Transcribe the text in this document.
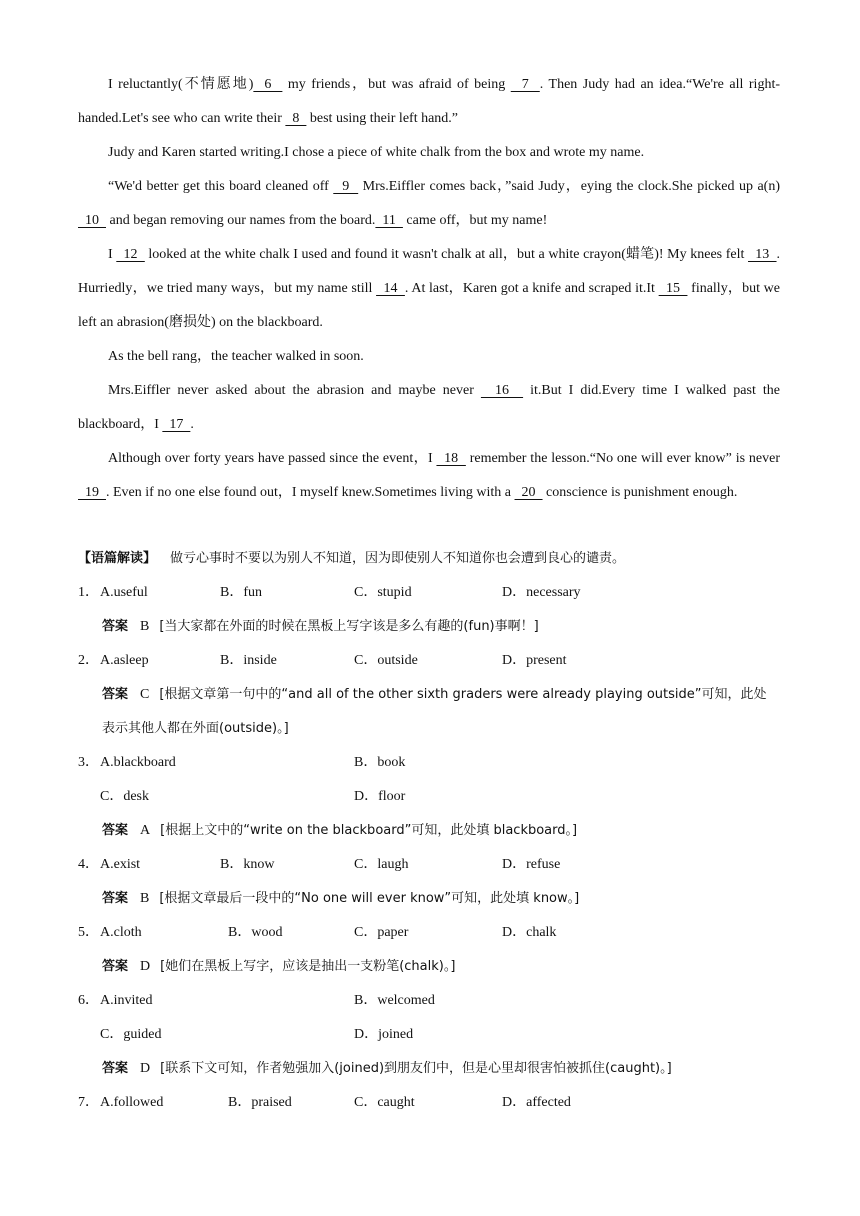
I reluctantly(不情愿地)  6   my friends，but was afraid of being   7  . Then Judy had an idea.“We're all right-handed.Let's see who can write their   8   best using their left hand.”

Judy and Karen started writing.I chose a piece of white chalk from the box and wrote my name.

“We'd better get this board cleaned off   9   Mrs.Eiffler comes back，”said Judy，eying the clock.She picked up a(n)   10   and began removing our names from the board.  11   came off，but my name!

I   12   looked at the white chalk I used and found it wasn't chalk at all，but a white crayon(蜡笔)! My knees felt   13  . Hurriedly，we tried many ways，but my name still   14  . At last，Karen got a knife and scraped it.It   15   finally，but we left an abrasion(磨损处) on the blackboard.

As the bell rang，the teacher walked in soon.

Mrs.Eiffler never asked about the abrasion and maybe never   16   it.But I did.Every time I walked past the blackboard，I   17  .

Although over forty years have passed since the event，I   18   remember the lesson.“No one will ever know” is never   19  . Even if no one else found out，I myself knew.Sometimes living with a   20   conscience is punishment enough.

【语篇解读】 做亏心事时不要以为别人不知道，因为即使别人不知道你也会遭到良心的谴责。

1． A.useful	B．fun	C．stupid	D．necessary

答案 B [当大家都在外面的时候在黑板上写字该是多么有趣的(fun)事啊！]

2． A.asleep	B．inside	C．outside	D．present

答案 C [根据文章第一句中的“and all of the other sixth graders were already playing outside”可知，此处

表示其他人都在外面(outside)。]

3． A.blackboard	B．book
C．desk	D．floor

答案 A [根据上文中的“write on the blackboard”可知，此处填 blackboard。]

4． A.exist	B．know	C．laugh	D．refuse

答案 B [根据文章最后一段中的“No one will ever know”可知，此处填 know。]

5． A.cloth	B．wood	C．paper	D．chalk

答案 D [她们在黑板上写字，应该是抽出一支粉笔(chalk)。]

6． A.invited	B．welcomed
C．guided	D．joined

答案 D [联系下文可知，作者勉强加入(joined)到朋友们中，但是心里却很害怕被抓住(caught)。]

7． A.followed	B．praised	C．caught	D．affected
